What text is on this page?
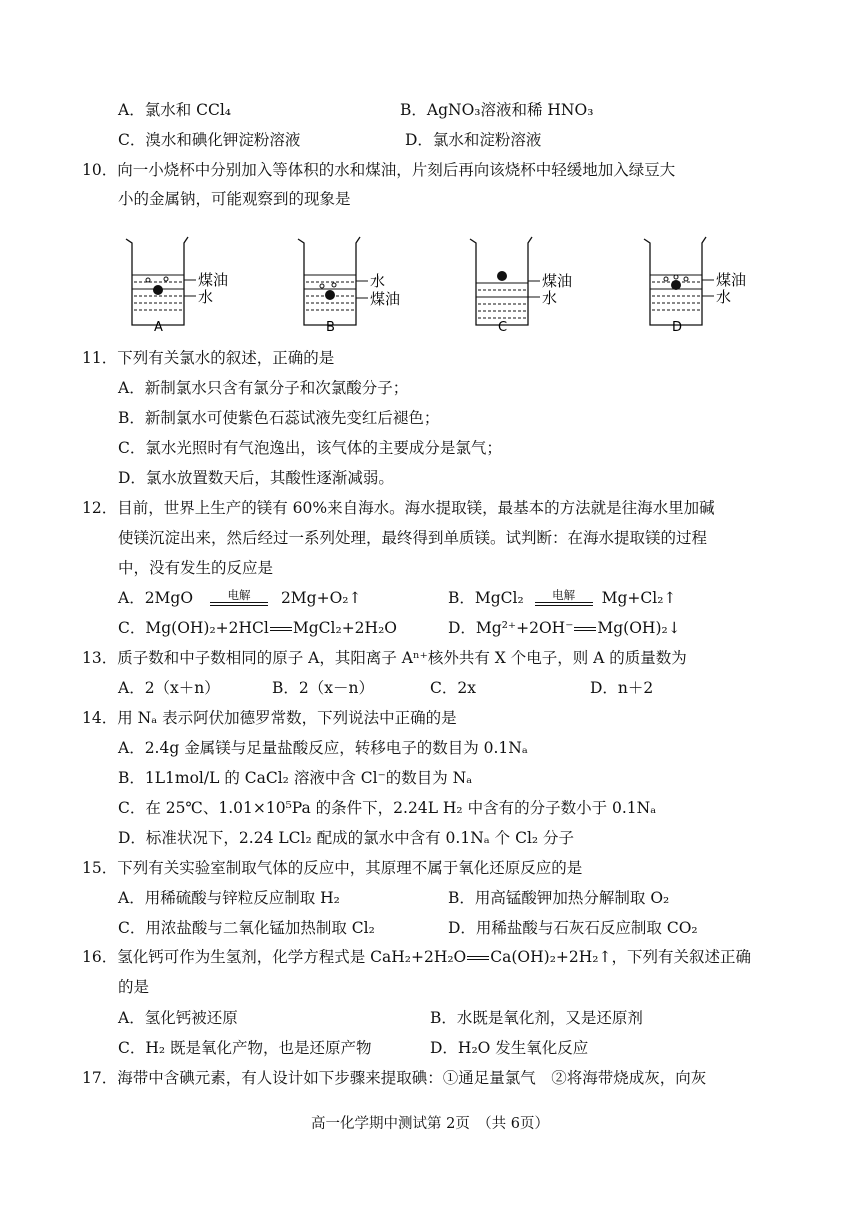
A．氯水和 CCl₄	B．AgNO₃溶液和稀 HNO₃
C．溴水和碘化钾淀粉溶液	D．氯水和淀粉溶液
10．向一小烧杯中分别加入等体积的水和煤油，片刻后再向该烧杯中轻缓地加入绿豆大
小的金属钠，可能观察到的现象是
煤油
水
A
水
煤油
B
煤油
水
C
煤油
水
D
11．下列有关氯水的叙述，正确的是
A．新制氯水只含有氯分子和次氯酸分子；
B．新制氯水可使紫色石蕊试液先变红后褪色；
C．氯水光照时有气泡逸出，该气体的主要成分是氯气；
D．氯水放置数天后，其酸性逐渐减弱。
12．目前，世界上生产的镁有 60%来自海水。海水提取镁，最基本的方法就是往海水里加碱
使镁沉淀出来，然后经过一系列处理，最终得到单质镁。试判断：在海水提取镁的过程
中，没有发生的反应是
A．2MgO	电解	2Mg+O₂↑	B．MgCl₂	电解	Mg+Cl₂↑
C．Mg(OH)₂+2HCl MgCl₂+2H₂O	D．Mg²⁺+2OH⁻ Mg(OH)₂↓
13．质子数和中子数相同的原子 A，其阳离子 Aⁿ⁺核外共有 X 个电子，则 A 的质量数为
A．2（x＋n）	B．2（x－n）	C．2x	D．n＋2
14．用 Nₐ 表示阿伏加德罗常数，下列说法中正确的是
A．2.4g 金属镁与足量盐酸反应，转移电子的数目为 0.1Nₐ
B．1L1mol/L 的 CaCl₂ 溶液中含 Cl⁻的数目为 Nₐ
C．在 25℃、1.01×10⁵Pa 的条件下，2.24L H₂ 中含有的分子数小于 0.1Nₐ
D．标准状况下，2.24 LCl₂ 配成的氯水中含有 0.1Nₐ 个 Cl₂ 分子
15．下列有关实验室制取气体的反应中，其原理不属于氧化还原反应的是
A．用稀硫酸与锌粒反应制取 H₂	B．用高锰酸钾加热分解制取 O₂
C．用浓盐酸与二氧化锰加热制取 Cl₂	D．用稀盐酸与石灰石反应制取 CO₂
16．氢化钙可作为生氢剂，化学方程式是 CaH₂+2H₂O Ca(OH)₂+2H₂↑，下列有关叙述正确
的是
A．氢化钙被还原	B．水既是氧化剂，又是还原剂
C．H₂ 既是氧化产物，也是还原产物	D．H₂O 发生氧化反应
17．海带中含碘元素，有人设计如下步骤来提取碘：①通足量氯气　②将海带烧成灰，向灰
高一化学期中测试第 2页　（共 6页）
